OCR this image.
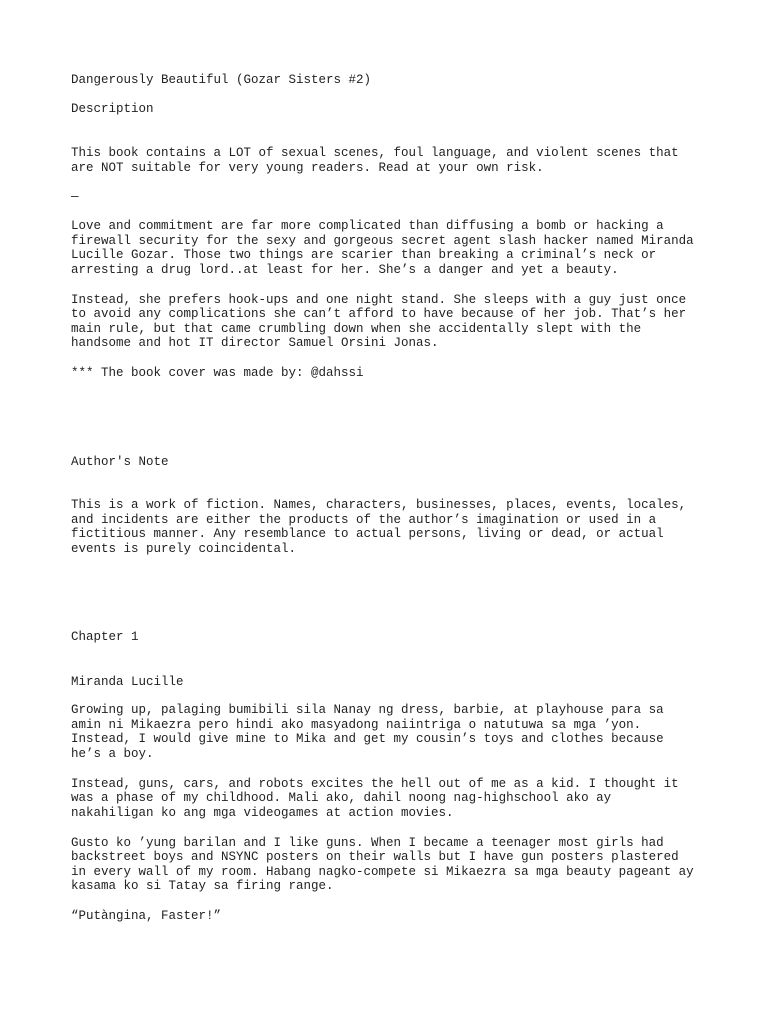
Dangerously Beautiful (Gozar Sisters #2)
Description
This book contains a LOT of sexual scenes, foul language, and violent scenes that
are NOT suitable for very young readers. Read at your own risk.
—
Love and commitment are far more complicated than diffusing a bomb or hacking a
firewall security for the sexy and gorgeous secret agent slash hacker named Miranda
Lucille Gozar. Those two things are scarier than breaking a criminal’s neck or
arresting a drug lord..at least for her. She’s a danger and yet a beauty.
Instead, she prefers hook-ups and one night stand. She sleeps with a guy just once
to avoid any complications she can’t afford to have because of her job. That’s her
main rule, but that came crumbling down when she accidentally slept with the
handsome and hot IT director Samuel Orsini Jonas.
*** The book cover was made by: @dahssi
Author's Note
This is a work of fiction. Names, characters, businesses, places, events, locales,
and incidents are either the products of the author’s imagination or used in a
fictitious manner. Any resemblance to actual persons, living or dead, or actual
events is purely coincidental.
Chapter 1
Miranda Lucille
Growing up, palaging bumibili sila Nanay ng dress, barbie, at playhouse para sa
amin ni Mikaezra pero hindi ako masyadong naiintriga o natutuwa sa mga ’yon.
Instead, I would give mine to Mika and get my cousin’s toys and clothes because
he’s a boy.
Instead, guns, cars, and robots excites the hell out of me as a kid. I thought it
was a phase of my childhood. Mali ako, dahil noong nag-highschool ako ay
nakahiligan ko ang mga videogames at action movies.
Gusto ko ’yung barilan and I like guns. When I became a teenager most girls had
backstreet boys and NSYNC posters on their walls but I have gun posters plastered
in every wall of my room. Habang nagko-compete si Mikaezra sa mga beauty pageant ay
kasama ko si Tatay sa firing range.
“Putàngina, Faster!”
